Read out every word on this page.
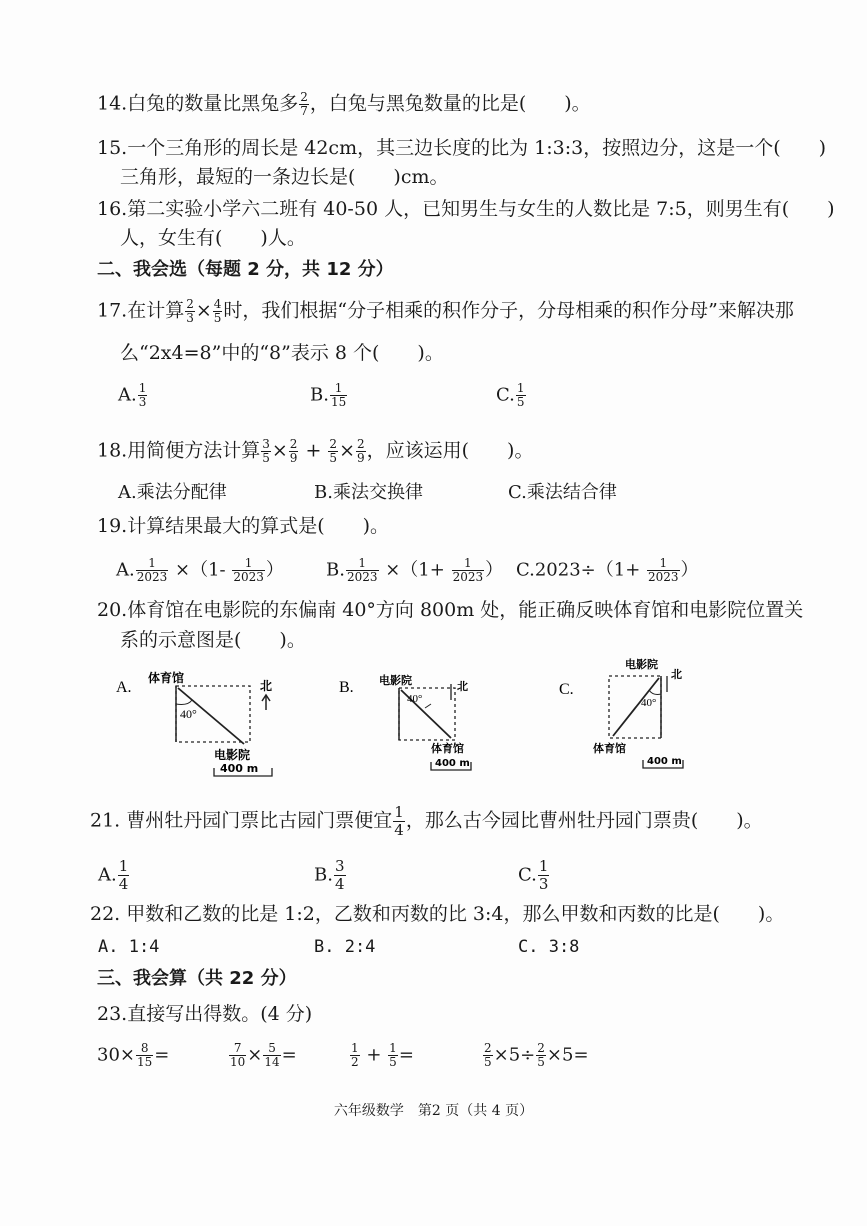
14.白兔的数量比黑兔多 $\frac{2}{7}$ ，白兔与黑兔数量的比是(　　)。
15.一个三角形的周长是 42cm，其三边长度的比为 1:3:3，按照边分，这是一个(　　)
三角形，最短的一条边长是(　　)cm。
16.第二实验小学六二班有 40-50 人，已知男生与女生的人数比是 7:5，则男生有(　　)
人，女生有(　　)人。
二、我会选（每题 2 分，共 12 分）
17.在计算 $\frac{2}{3} \times \frac{4}{5}$ 时，我们根据“分子相乘的积作分子，分母相乘的积作分母”来解决那
么“2x4=8”中的“8”表示 8 个(　　)。
A. $\frac{1}{3}$	B. $\frac{1}{15}$	C. $\frac{1}{5}$
18.用简便方法计算 $\frac{3}{5} \times \frac{2}{9} + \frac{2}{5} \times \frac{2}{9}$ ，应该运用(　　)。
A.乘法分配律	B.乘法交换律	C.乘法结合律
19.计算结果最大的算式是(　　)。
A. $\frac{1}{2023} \times(1- \frac{1}{2023}$ ） B. $\frac{1}{2023} \times(1+ \frac{1}{2023}$ ） $C.2023\div(1+ \frac{1}{2023}$ ）
20.体育馆在电影院的东偏南 40°方向 800m 处，能正确反映体育馆和电影院位置关
系的示意图是(　　)。
A.
体育馆
40°
北
电影院
400 m
B. 电影院
40°
北
体育馆
400 m
C.
电影院
40°
北
体育馆
400 m
21. 曹州牡丹园门票比古园门票便宜 $\frac{1}{4}$ ，那么古今园比曹州牡丹园门票贵(　　)。
A. $\frac{1}{4}$	B. $\frac{3}{4}$	C. $\frac{1}{3}$
22. 甲数和乙数的比是 1:2，乙数和丙数的比 3:4，那么甲数和丙数的比是(　　)。
A. 1:4	B. 2:4	C. 3:8
三、我会算（共 22 分）
23.直接写出得数。(4 分)
$30\times \frac{8}{15}$ =	$\frac{7}{10} \times \frac{5}{14}$ =	$\frac{1}{2} + \frac{1}{5}$ =	$\frac{2}{5} \times 5\div \frac{2}{5} \times 5=$
六年级数学　第2 页（共 4 页）
